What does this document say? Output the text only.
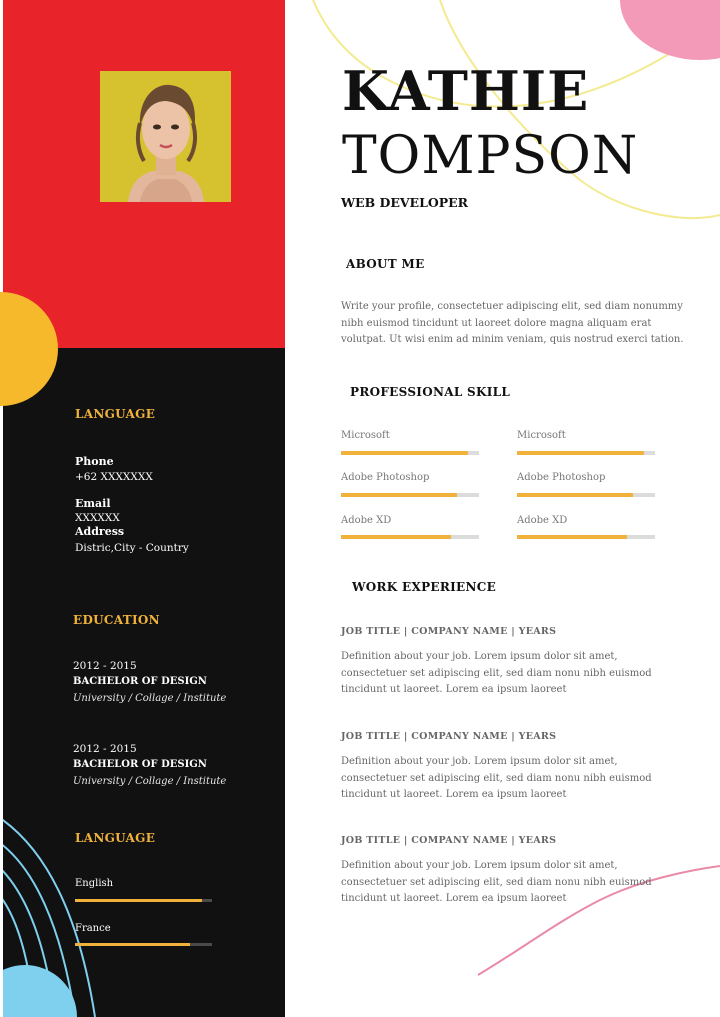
LANGUAGE
Phone
+62 XXXXXXX
Email
XXXXXX
Address
Distric,City - Country
EDUCATION
2012 - 2015
BACHELOR OF DESIGN
University / Collage / Institute
2012 - 2015
BACHELOR OF DESIGN
University / Collage / Institute
LANGUAGE
English
France
KATHIE
TOMPSON
WEB DEVELOPER
ABOUT ME
Write your profile, consectetuer adipiscing elit, sed diam nonummy
nibh euismod tincidunt ut laoreet dolore magna aliquam erat
volutpat. Ut wisi enim ad minim veniam, quis nostrud exerci tation.
PROFESSIONAL SKILL
Microsoft
Adobe Photoshop
Adobe XD
Microsoft
Adobe Photoshop
Adobe XD
WORK EXPERIENCE
JOB TITLE | COMPANY NAME | YEARS
Definition about your job. Lorem ipsum dolor sit amet,
consectetuer set adipiscing elit, sed diam nonu nibh euismod
tincidunt ut laoreet. Lorem ea ipsum laoreet
JOB TITLE | COMPANY NAME | YEARS
Definition about your job. Lorem ipsum dolor sit amet,
consectetuer set adipiscing elit, sed diam nonu nibh euismod
tincidunt ut laoreet. Lorem ea ipsum laoreet
JOB TITLE | COMPANY NAME | YEARS
Definition about your job. Lorem ipsum dolor sit amet,
consectetuer set adipiscing elit, sed diam nonu nibh euismod
tincidunt ut laoreet. Lorem ea ipsum laoreet
